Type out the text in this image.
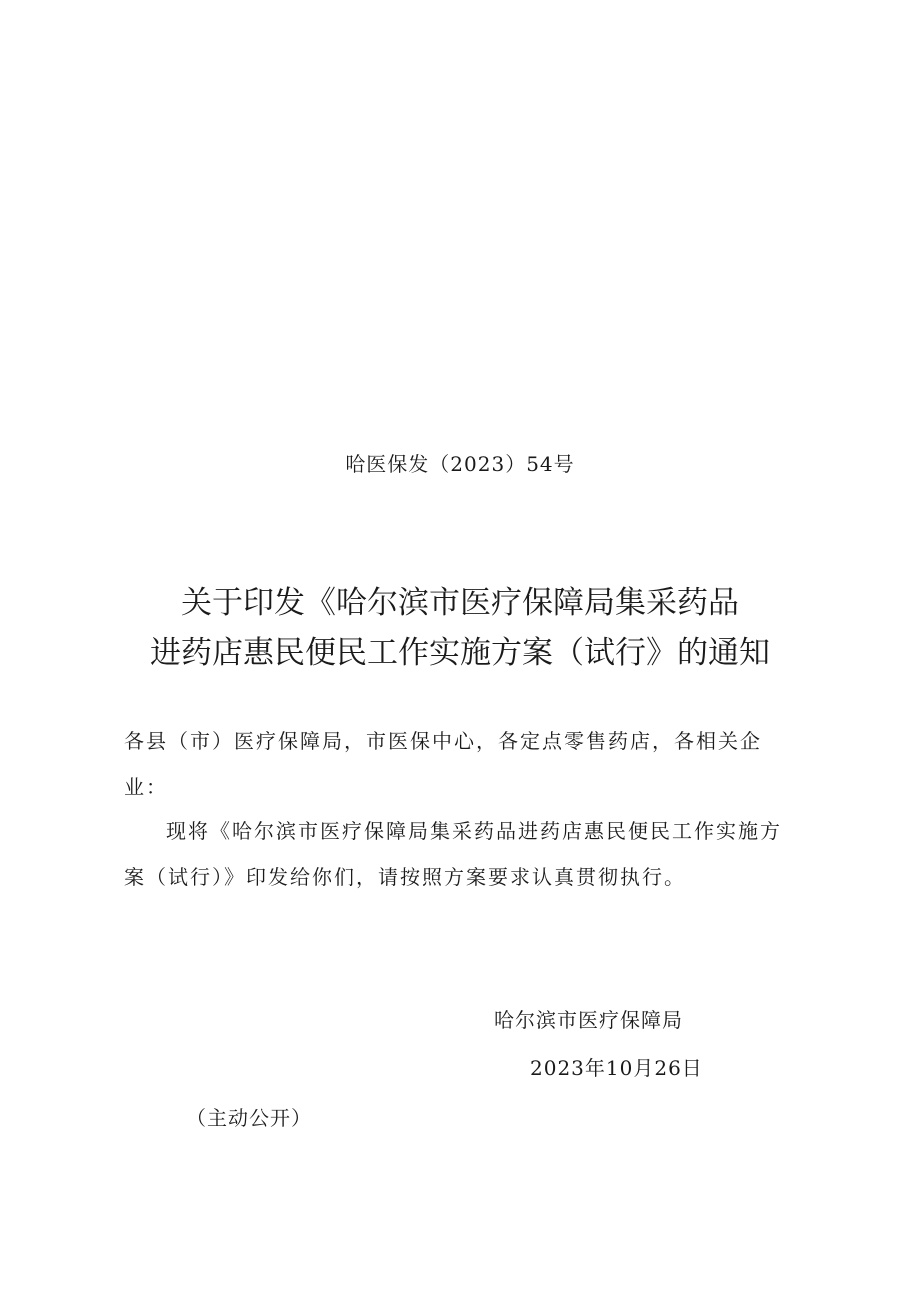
哈医保发（2023）54号
关于印发《哈尔滨市医疗保障局集采药品
进药店惠民便民工作实施方案（试行》的通知
各县（市）医疗保障局，市医保中心，各定点零售药店，各相关企业：
现将《哈尔滨市医疗保障局集采药品进药店惠民便民工作实施方案（试行）》印发给你们，请按照方案要求认真贯彻执行。
哈尔滨市医疗保障局
2023年10月26日
（主动公开）
